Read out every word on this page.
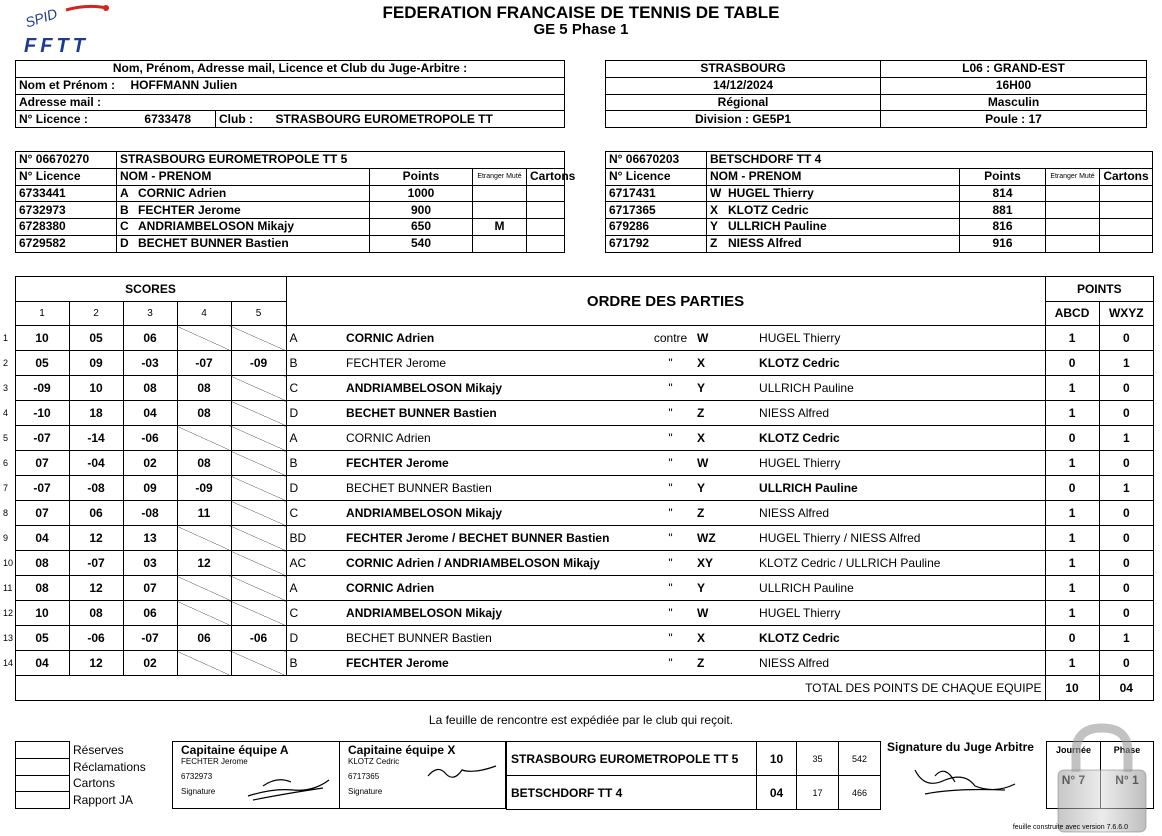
SPID
FFTT
FEDERATION FRANCAISE DE TENNIS DE TABLE
GE 5 Phase 1
Nom, Prénom, Adresse mail, Licence et Club du Juge-Arbitre :			
Nom et Prénom :	HOFFMANN Julien		
Adresse mail :			
N° Licence :	6733478	Club :	STRASBOURG EUROMETROPOLE TT
STRASBOURG	L06 : GRAND-EST
14/12/2024	16H00
Régional	Masculin
Division : GE5P1	Poule : 17
N° 06670270	STRASBOURG EUROMETROPOLE TT 5			
N° Licence	NOM - PRENOM	Points	Etranger Muté	Cartons
6733441	A CORNIC Adrien	1000		
6732973	B FECHTER Jerome	900		
6728380	C ANDRIAMBELOSON Mikajy	650	M	
6729582	D BECHET BUNNER Bastien	540		
N° 06670203	BETSCHDORF TT 4			
N° Licence	NOM - PRENOM	Points	Etranger Muté	Cartons
6717431	W HUGEL Thierry	814		
6717365	X KLOTZ Cedric	881		
679286	Y ULLRICH Pauline	816		
671792	Z NIESS Alfred	916		
	SCORES					ORDRE DES PARTIES					POINTS	
	1	2	3	4	5						ABCD	WXYZ
1	10	05	06			A	CORNIC Adrien	contre	W	HUGEL Thierry	1	0
2	05	09	-03	-07	-09	B	FECHTER Jerome	"	X	KLOTZ Cedric	0	1
3	-09	10	08	08		C	ANDRIAMBELOSON Mikajy	"	Y	ULLRICH Pauline	1	0
4	-10	18	04	08		D	BECHET BUNNER Bastien	"	Z	NIESS Alfred	1	0
5	-07	-14	-06			A	CORNIC Adrien	"	X	KLOTZ Cedric	0	1
6	07	-04	02	08		B	FECHTER Jerome	"	W	HUGEL Thierry	1	0
7	-07	-08	09	-09		D	BECHET BUNNER Bastien	"	Y	ULLRICH Pauline	0	1
8	07	06	-08	11		C	ANDRIAMBELOSON Mikajy	"	Z	NIESS Alfred	1	0
9	04	12	13			BD	FECHTER Jerome / BECHET BUNNER Bastien	"	WZ	HUGEL Thierry / NIESS Alfred	1	0
10	08	-07	03	12		AC	CORNIC Adrien / ANDRIAMBELOSON Mikajy	"	XY	KLOTZ Cedric / ULLRICH Pauline	1	0
11	08	12	07			A	CORNIC Adrien	"	Y	ULLRICH Pauline	1	0
12	10	08	06			C	ANDRIAMBELOSON Mikajy	"	W	HUGEL Thierry	1	0
13	05	-06	-07	06	-06	D	BECHET BUNNER Bastien	"	X	KLOTZ Cedric	0	1
14	04	12	02			B	FECHTER Jerome	"	Z	NIESS Alfred	1	0
	TOTAL DES POINTS DE CHAQUE EQUIPE										10	04
La feuille de rencontre est expédiée par le club qui reçoit.
	Réserves
	Réclamations
	Cartons
	Rapport JA
Capitaine équipe A
FECHTER Jerome
6732973
Signature
Capitaine équipe X
KLOTZ Cedric
6717365
Signature
STRASBOURG EUROMETROPOLE TT 5	10	35	542
BETSCHDORF TT 4	04	17	466
Signature du Juge Arbitre	Journée	Phase
feuille construite avec version 7.6.6.0
